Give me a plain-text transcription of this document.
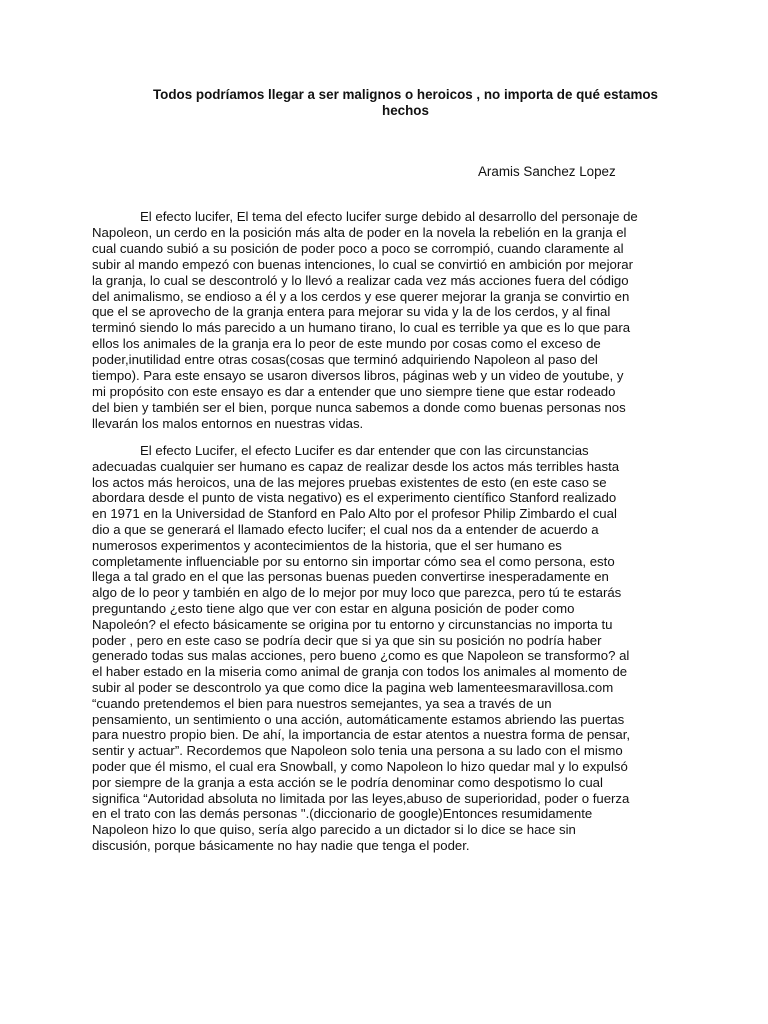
Todos podríamos llegar a ser malignos o heroicos , no importa de qué estamos
hechos

Aramis Sanchez Lopez

El efecto lucifer, El tema del efecto lucifer surge debido al desarrollo del personaje de
Napoleon, un cerdo en la posición más alta de poder en la novela la rebelión en la granja el
cual cuando subió a su posición de poder poco a poco se corrompió, cuando claramente al
subir al mando empezó con buenas intenciones, lo cual se convirtió en ambición por mejorar
la granja, lo cual se descontroló y lo llevó a realizar cada vez más acciones fuera del código
del animalismo, se endioso a él y a los cerdos y ese querer mejorar la granja se convirtio en
que el se aprovecho de la granja entera para mejorar su vida y la de los cerdos, y al final
terminó siendo lo más parecido a un humano tirano, lo cual es terrible ya que es lo que para
ellos los animales de la granja era lo peor de este mundo por cosas como el exceso de
poder,inutilidad entre otras cosas(cosas que terminó adquiriendo Napoleon al paso del
tiempo). Para este ensayo se usaron diversos libros, páginas web y un video de youtube, y
mi propósito con este ensayo es dar a entender que uno siempre tiene que estar rodeado
del bien y también ser el bien, porque nunca sabemos a donde como buenas personas nos
llevarán los malos entornos en nuestras vidas.

El efecto Lucifer, el efecto Lucifer es dar entender que con las circunstancias
adecuadas cualquier ser humano es capaz de realizar desde los actos más terribles hasta
los actos más heroicos, una de las mejores pruebas existentes de esto (en este caso se
abordara desde el punto de vista negativo) es el experimento científico Stanford realizado
en 1971 en la Universidad de Stanford en Palo Alto por el profesor Philip Zimbardo el cual
dio a que se generará el llamado efecto lucifer; el cual nos da a entender de acuerdo a
numerosos experimentos y acontecimientos de la historia, que el ser humano es
completamente influenciable por su entorno sin importar cómo sea el como persona, esto
llega a tal grado en el que las personas buenas pueden convertirse inesperadamente en
algo de lo peor y también en algo de lo mejor por muy loco que parezca, pero tú te estarás
preguntando ¿esto tiene algo que ver con estar en alguna posición de poder como
Napoleón? el efecto básicamente se origina por tu entorno y circunstancias no importa tu
poder , pero en este caso se podría decir que si ya que sin su posición no podría haber
generado todas sus malas acciones, pero bueno ¿como es que Napoleon se transformo? al
el haber estado en la miseria como animal de granja con todos los animales al momento de
subir al poder se descontrolo ya que como dice la pagina web lamenteesmaravillosa.com
“cuando pretendemos el bien para nuestros semejantes, ya sea a través de un
pensamiento, un sentimiento o una acción, automáticamente estamos abriendo las puertas
para nuestro propio bien. De ahí, la importancia de estar atentos a nuestra forma de pensar,
sentir y actuar”. Recordemos que Napoleon solo tenia una persona a su lado con el mismo
poder que él mismo, el cual era Snowball, y como Napoleon lo hizo quedar mal y lo expulsó
por siempre de la granja a esta acción se le podría denominar como despotismo lo cual
significa “Autoridad absoluta no limitada por las leyes,abuso de superioridad, poder o fuerza
en el trato con las demás personas ".(diccionario de google)Entonces resumidamente
Napoleon hizo lo que quiso, sería algo parecido a un dictador si lo dice se hace sin
discusión, porque básicamente no hay nadie que tenga el poder.
